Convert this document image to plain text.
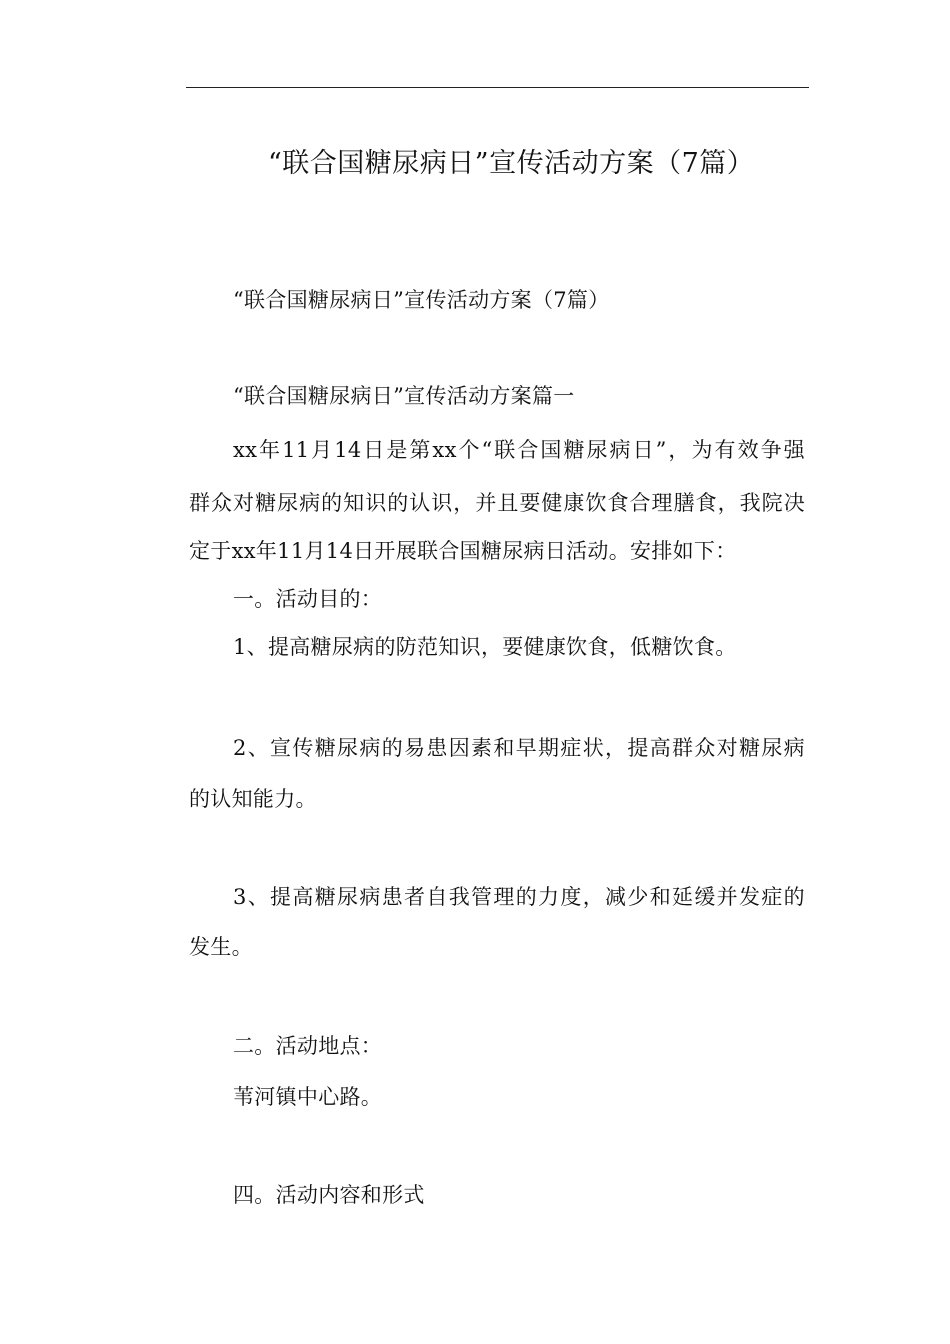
“联合国糖尿病日”宣传活动方案（7篇）
“联合国糖尿病日”宣传活动方案（7篇）
“联合国糖尿病日”宣传活动方案篇一
xx年11月14日是第xx个“联合国糖尿病日”，为有效争强
群众对糖尿病的知识的认识，并且要健康饮食合理膳食，我院决
定于xx年11月14日开展联合国糖尿病日活动。安排如下：
一。活动目的：
1、提高糖尿病的防范知识，要健康饮食，低糖饮食。
2、宣传糖尿病的易患因素和早期症状，提高群众对糖尿病
的认知能力。
3、提高糖尿病患者自我管理的力度，减少和延缓并发症的
发生。
二。活动地点：
苇河镇中心路。
四。活动内容和形式
